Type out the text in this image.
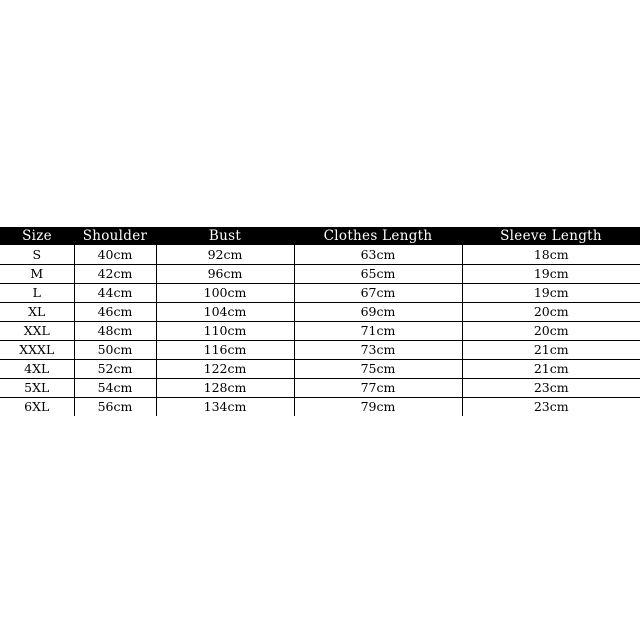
Size	Shoulder	Bust	Clothes Length	Sleeve Length
S	40cm	92cm	63cm	18cm
M	42cm	96cm	65cm	19cm
L	44cm	100cm	67cm	19cm
XL	46cm	104cm	69cm	20cm
XXL	48cm	110cm	71cm	20cm
XXXL	50cm	116cm	73cm	21cm
4XL	52cm	122cm	75cm	21cm
5XL	54cm	128cm	77cm	23cm
6XL	56cm	134cm	79cm	23cm
